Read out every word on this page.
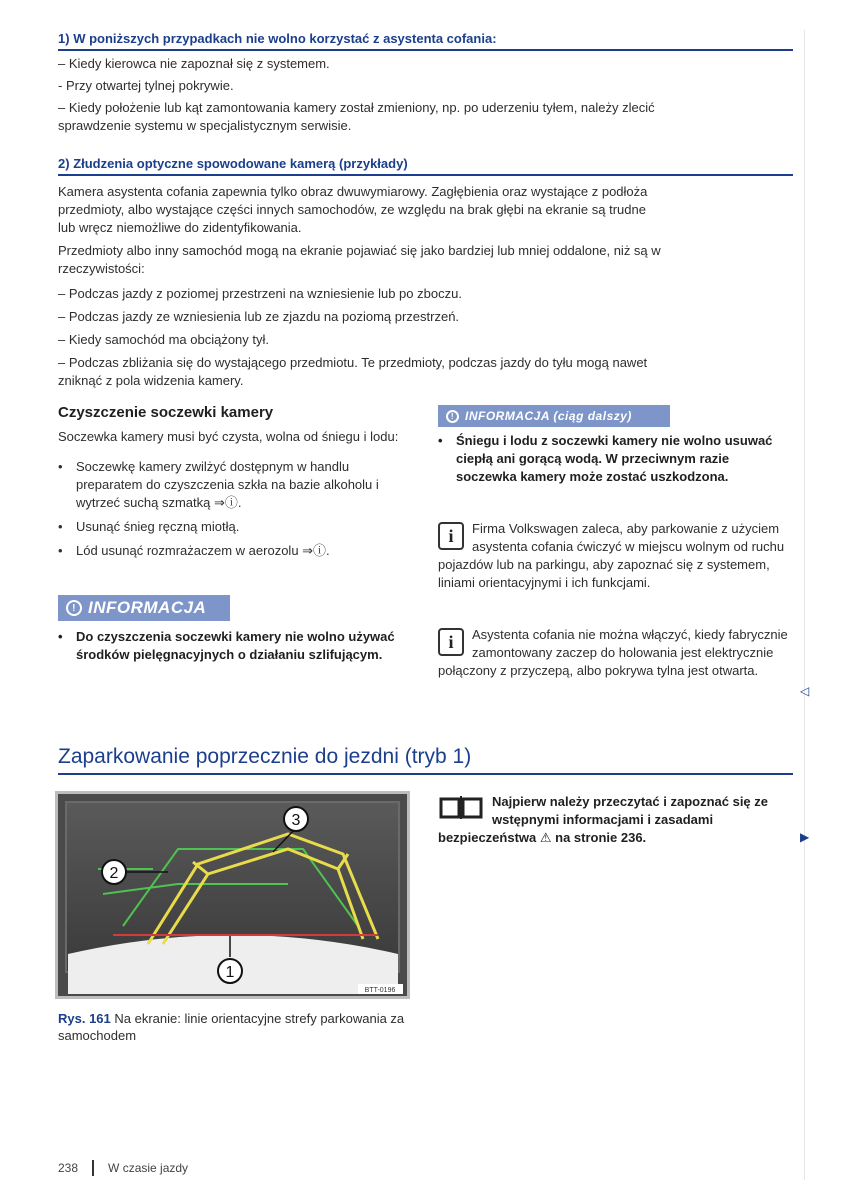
1) W poniższych przypadkach nie wolno korzystać z asystenta cofania:
– Kiedy kierowca nie zapoznał się z systemem.
- Przy otwartej tylnej pokrywie.
– Kiedy położenie lub kąt zamontowania kamery został zmieniony, np. po uderzeniu tyłem, należy zlecić
sprawdzenie systemu w specjalistycznym serwisie.
2) Złudzenia optyczne spowodowane kamerą (przykłady)
Kamera asystenta cofania zapewnia tylko obraz dwuwymiarowy. Zagłębienia oraz wystające z podłoża
przedmioty, albo wystające części innych samochodów, ze względu na brak głębi na ekranie są trudne
lub wręcz niemożliwe do zidentyfikowania.
Przedmioty albo inny samochód mogą na ekranie pojawiać się jako bardziej lub mniej oddalone, niż są w
rzeczywistości:
– Podczas jazdy z poziomej przestrzeni na wzniesienie lub po zboczu.
– Podczas jazdy ze wzniesienia lub ze zjazdu na poziomą przestrzeń.
– Kiedy samochód ma obciążony tył.
– Podczas zbliżania się do wystającego przedmiotu. Te przedmioty, podczas jazdy do tyłu mogą nawet
zniknąć z pola widzenia kamery.
Czyszczenie soczewki kamery
Soczewka kamery musi być czysta, wolna od śniegu i lodu:
•	Soczewkę kamery zwilżyć dostępnym w handlu preparatem do czyszczenia szkła na bazie alkoholu i wytrzeć suchą szmatką ⇒ⓘ.
•	Usunąć śnieg ręczną miotłą.
•	Lód usunąć rozmrażaczem w aerozolu ⇒ⓘ.
! INFORMACJA
•	Do czyszczenia soczewki kamery nie wolno używać środków pielęgnacyjnych o działaniu szlifującym.
! INFORMACJA (ciąg dalszy)
•	Śniegu i lodu z soczewki kamery nie wolno usuwać ciepłą ani gorącą wodą. W przeciwnym razie soczewka kamery może zostać uszkodzona.
i	Firma Volkswagen zaleca, aby parkowanie z użyciem asystenta cofania ćwiczyć w miejscu wolnym od ruchu pojazdów lub na parkingu, aby zapoznać się z systemem, liniami orientacyjnymi i ich funkcjami.
i	Asystenta cofania nie można włączyć, kiedy fabrycznie zamontowany zaczep do holowania jest elektrycznie połączony z przyczepą, albo pokrywa tylna jest otwarta.
◁
Zaparkowanie poprzecznie do jezdni (tryb 1)
1
2
3
BTT-0196
Rys. 161 Na ekranie: linie orientacyjne strefy parkowania za samochodem
Najpierw należy przeczytać i zapoznać się ze wstępnymi informacjami i zasadami bezpieczeństwa ⚠ na stronie 236.	▶
238	W czasie jazdy
